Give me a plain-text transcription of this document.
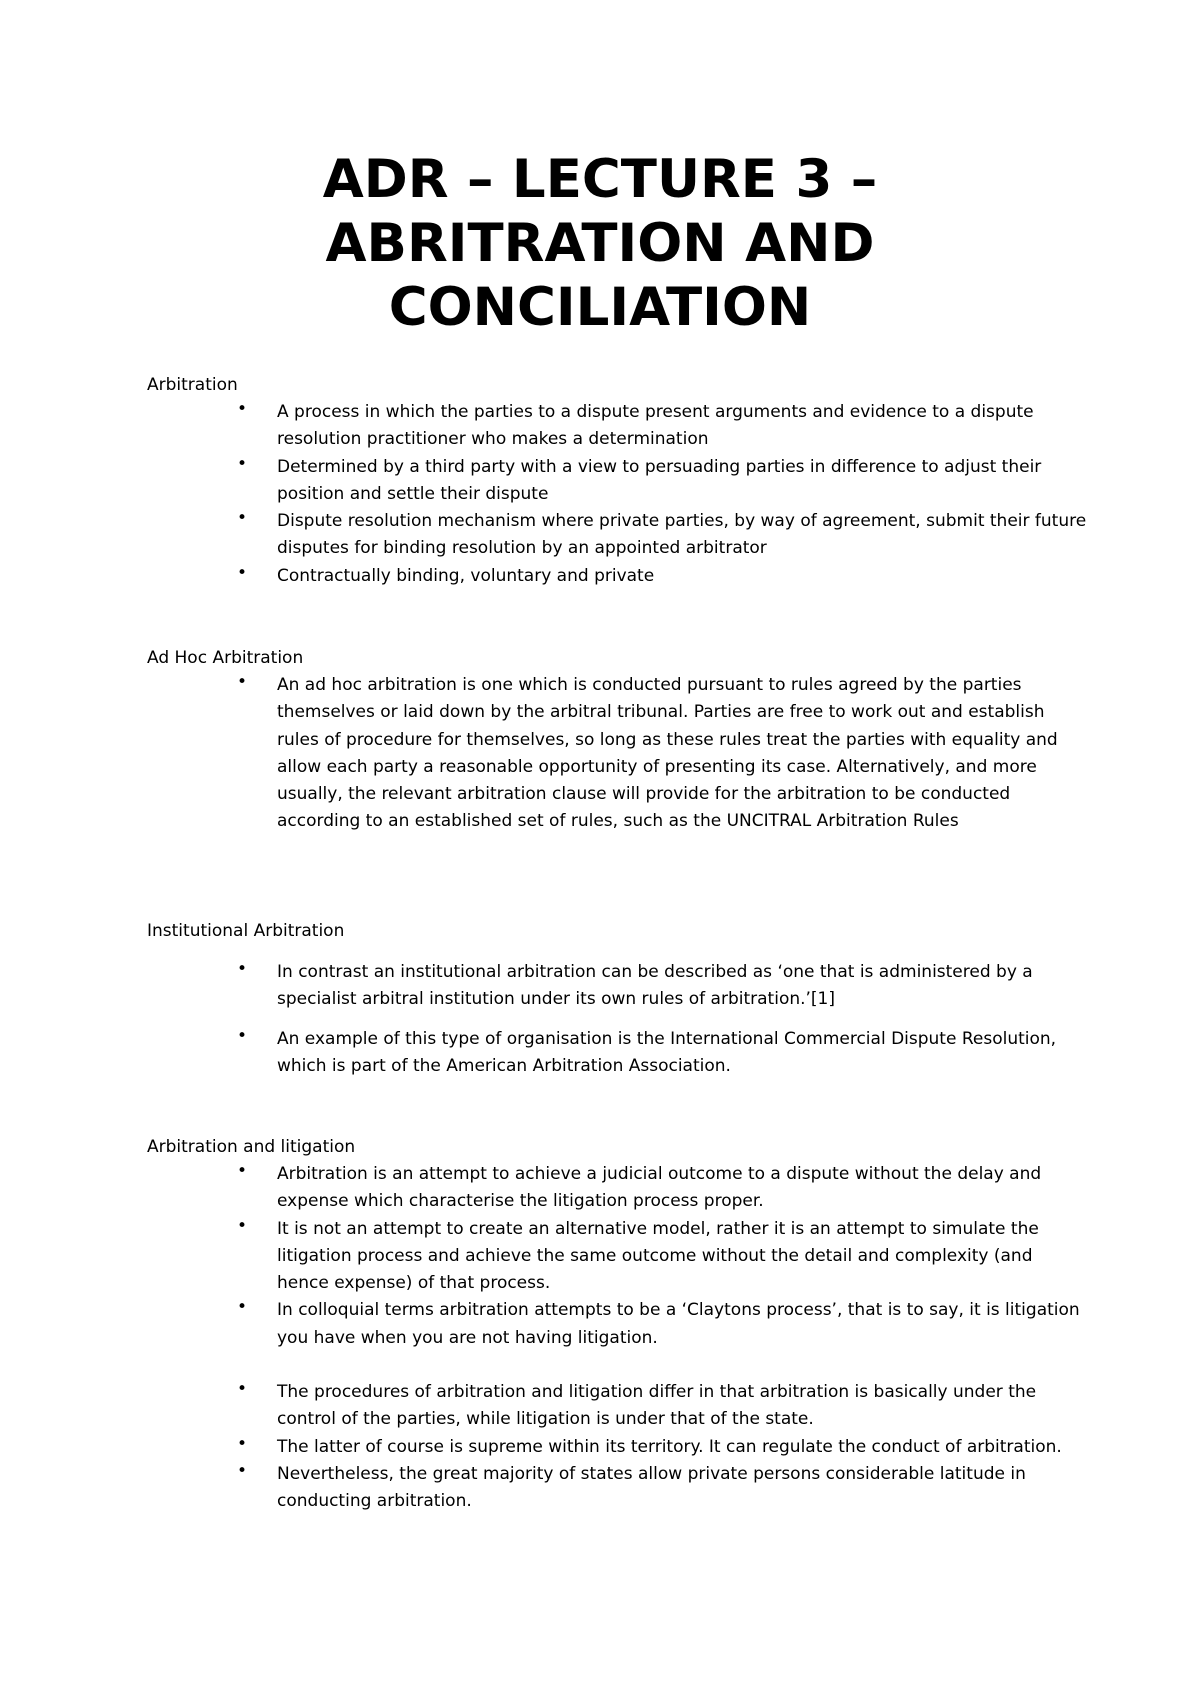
ADR – LECTURE 3 –
ABRITRATION AND
CONCILIATION

Arbitration

• A process in which the parties to a dispute present arguments and evidence to a dispute resolution practitioner who makes a determination
• Determined by a third party with a view to persuading parties in difference to adjust their position and settle their dispute
• Dispute resolution mechanism where private parties, by way of agreement, submit their future disputes for binding resolution by an appointed arbitrator
• Contractually binding, voluntary and private

Ad Hoc Arbitration

• An ad hoc arbitration is one which is conducted pursuant to rules agreed by the parties themselves or laid down by the arbitral tribunal. Parties are free to work out and establish rules of procedure for themselves, so long as these rules treat the parties with equality and allow each party a reasonable opportunity of presenting its case. Alternatively, and more usually, the relevant arbitration clause will provide for the arbitration to be conducted according to an established set of rules, such as the UNCITRAL Arbitration Rules

Institutional Arbitration

• In contrast an institutional arbitration can be described as ‘one that is administered by a specialist arbitral institution under its own rules of arbitration.’[1]
• An example of this type of organisation is the International Commercial Dispute Resolution, which is part of the American Arbitration Association.

Arbitration and litigation

• Arbitration is an attempt to achieve a judicial outcome to a dispute without the delay and expense which characterise the litigation process proper.
• It is not an attempt to create an alternative model, rather it is an attempt to simulate the litigation process and achieve the same outcome without the detail and complexity (and hence expense) of that process.
• In colloquial terms arbitration attempts to be a ‘Claytons process’, that is to say, it is litigation you have when you are not having litigation.
• The procedures of arbitration and litigation differ in that arbitration is basically under the control of the parties, while litigation is under that of the state.
• The latter of course is supreme within its territory. It can regulate the conduct of arbitration.
• Nevertheless, the great majority of states allow private persons considerable latitude in conducting arbitration.
